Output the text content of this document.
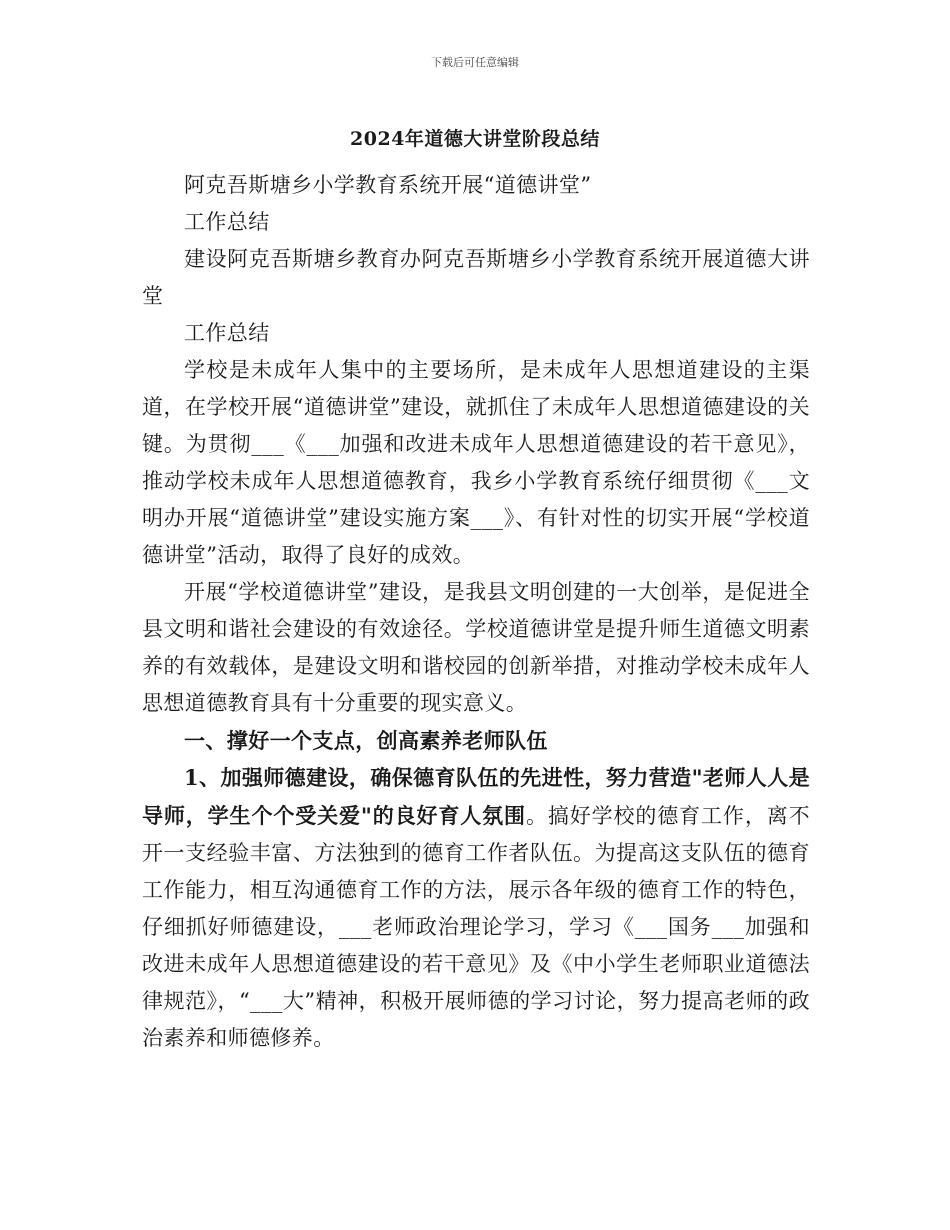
下载后可任意编辑
2024年道德大讲堂阶段总结

阿克吾斯塘乡小学教育系统开展“道德讲堂”

工作总结

建设阿克吾斯塘乡教育办阿克吾斯塘乡小学教育系统开展道德大讲堂

工作总结

学校是未成年人集中的主要场所，是未成年人思想道建设的主渠道，在学校开展“道德讲堂”建设，就抓住了未成年人思想道德建设的关键。为贯彻___《___加强和改进未成年人思想道德建设的若干意见》，推动学校未成年人思想道德教育，我乡小学教育系统仔细贯彻《___文明办开展“道德讲堂”建设实施方案___》、有针对性的切实开展“学校道德讲堂”活动，取得了良好的成效。

开展“学校道德讲堂”建设，是我县文明创建的一大创举，是促进全县文明和谐社会建设的有效途径。学校道德讲堂是提升师生道德文明素养的有效载体，是建设文明和谐校园的创新举措，对推动学校未成年人思想道德教育具有十分重要的现实意义。

一、撑好一个支点，创高素养老师队伍

1、加强师德建设，确保德育队伍的先进性，努力营造"老师人人是导师，学生个个受关爱"的良好育人氛围。搞好学校的德育工作，离不开一支经验丰富、方法独到的德育工作者队伍。为提高这支队伍的德育工作能力，相互沟通德育工作的方法，展示各年级的德育工作的特色，仔细抓好师德建设，___老师政治理论学习，学习《___国务___加强和改进未成年人思想道德建设的若干意见》及《中小学生老师职业道德法律规范》，“___大”精神，积极开展师德的学习讨论，努力提高老师的政治素养和师德修养。
